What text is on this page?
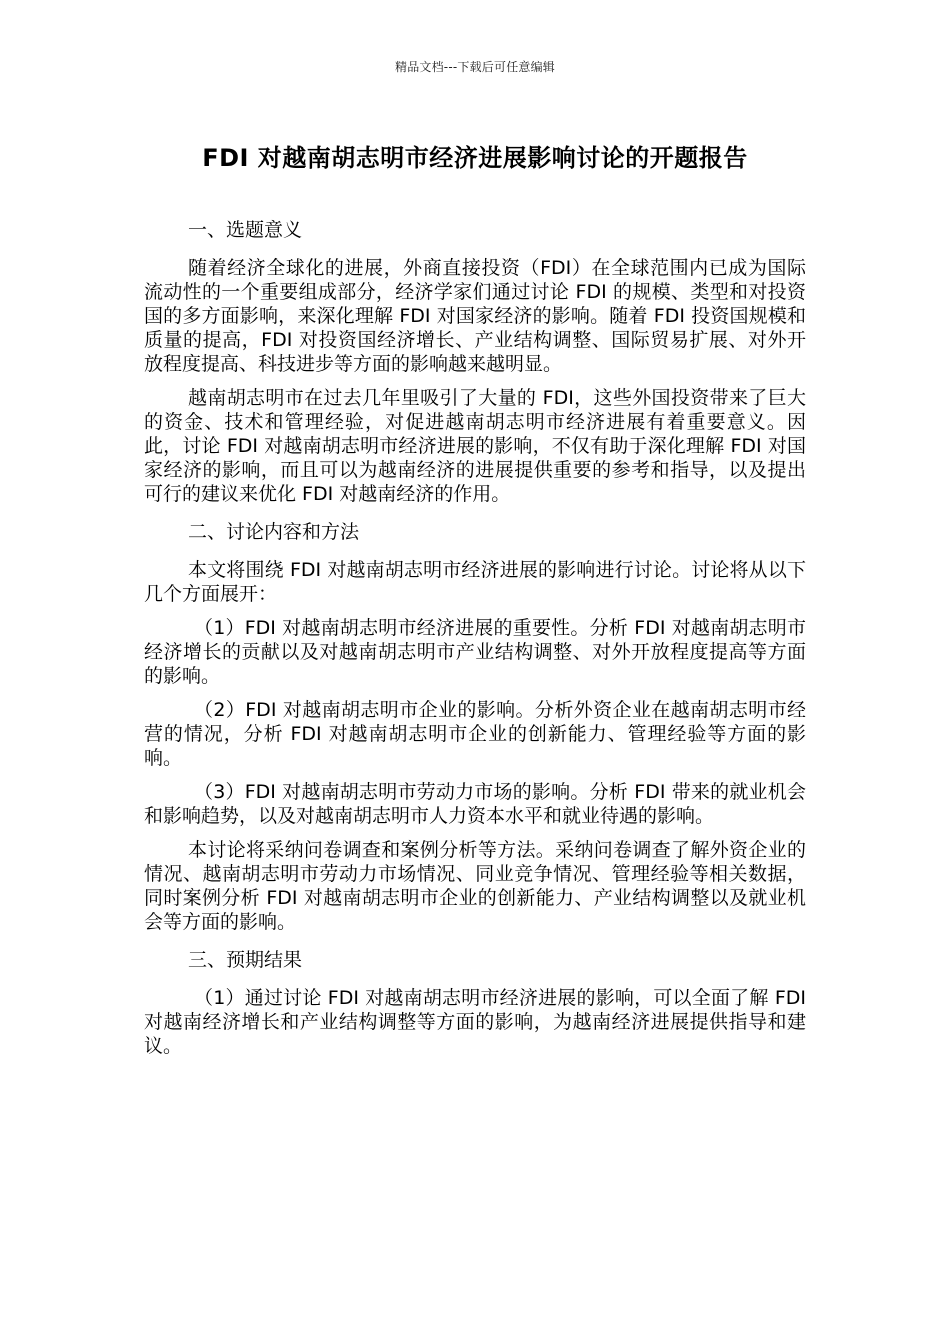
精品文档---下载后可任意编辑
FDI 对越南胡志明市经济进展影响讨论的开题报告

一、选题意义

随着经济全球化的进展，外商直接投资（FDI）在全球范围内已成为国际流动性的一个重要组成部分，经济学家们通过讨论 FDI 的规模、类型和对投资国的多方面影响，来深化理解 FDI 对国家经济的影响。随着 FDI 投资国规模和质量的提高，FDI 对投资国经济增长、产业结构调整、国际贸易扩展、对外开放程度提高、科技进步等方面的影响越来越明显。

越南胡志明市在过去几年里吸引了大量的 FDI，这些外国投资带来了巨大的资金、技术和管理经验，对促进越南胡志明市经济进展有着重要意义。因此，讨论 FDI 对越南胡志明市经济进展的影响，不仅有助于深化理解 FDI 对国家经济的影响，而且可以为越南经济的进展提供重要的参考和指导，以及提出可行的建议来优化 FDI 对越南经济的作用。

二、讨论内容和方法

本文将围绕 FDI 对越南胡志明市经济进展的影响进行讨论。讨论将从以下几个方面展开：

（1）FDI 对越南胡志明市经济进展的重要性。分析 FDI 对越南胡志明市经济增长的贡献以及对越南胡志明市产业结构调整、对外开放程度提高等方面的影响。

（2）FDI 对越南胡志明市企业的影响。分析外资企业在越南胡志明市经营的情况，分析 FDI 对越南胡志明市企业的创新能力、管理经验等方面的影响。

（3）FDI 对越南胡志明市劳动力市场的影响。分析 FDI 带来的就业机会和影响趋势，以及对越南胡志明市人力资本水平和就业待遇的影响。

本讨论将采纳问卷调查和案例分析等方法。采纳问卷调查了解外资企业的情况、越南胡志明市劳动力市场情况、同业竞争情况、管理经验等相关数据，同时案例分析 FDI 对越南胡志明市企业的创新能力、产业结构调整以及就业机会等方面的影响。

三、预期结果

（1）通过讨论 FDI 对越南胡志明市经济进展的影响，可以全面了解 FDI 对越南经济增长和产业结构调整等方面的影响，为越南经济进展提供指导和建议。
